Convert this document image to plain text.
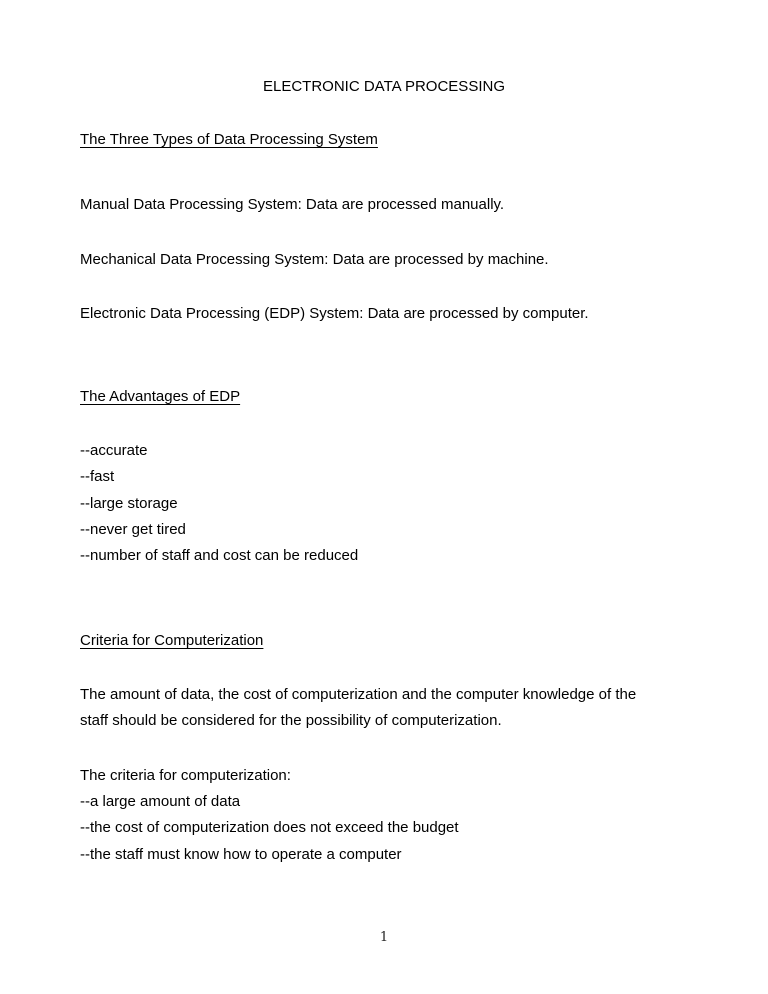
ELECTRONIC DATA PROCESSING
The Three Types of Data Processing System
Manual Data Processing System: Data are processed manually.
Mechanical Data Processing System: Data are processed by machine.
Electronic Data Processing (EDP) System: Data are processed by computer.
The Advantages of EDP
--accurate
--fast
--large storage
--never get tired
--number of staff and cost can be reduced
Criteria for Computerization
The amount of data, the cost of computerization and the computer knowledge of the
staff should be considered for the possibility of computerization.
The criteria for computerization:
--a large amount of data
--the cost of computerization does not exceed the budget
--the staff must know how to operate a computer
1
